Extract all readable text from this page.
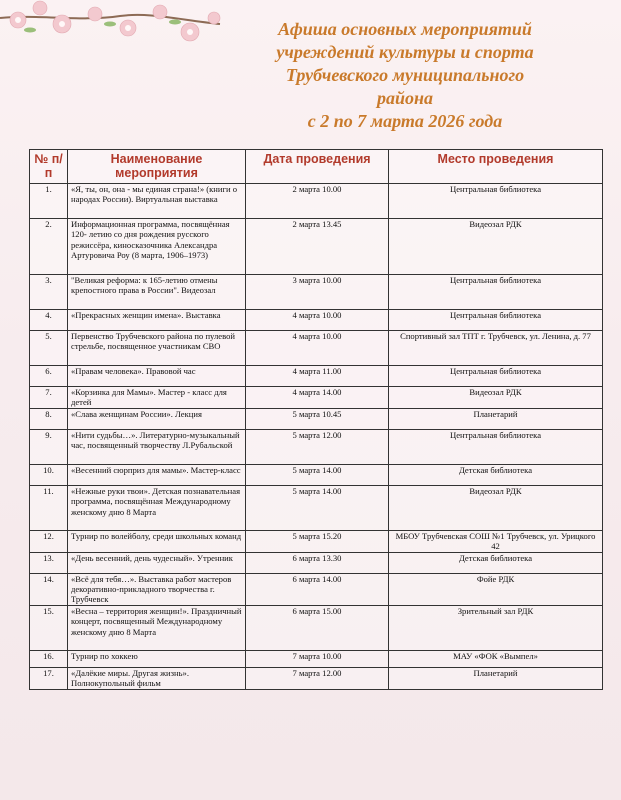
Афиша основных мероприятий
учреждений культуры и спорта
Трубчевского муниципального
района
с 2 по 7 марта 2026 года
№ п/п	Наименование мероприятия	Дата проведения	Место проведения
1.	«Я, ты, он, она - мы единая страна!» (книги о народах России). Виртуальная выставка	2 марта 10.00	Центральная библиотека
2.	Информационная программа, посвящённая 120- летию со дня рождения русского режиссёра, киносказочника Александра Артуровича Роу (8 марта, 1906–1973)	2 марта 13.45	Видеозал РДК
3.	"Великая реформа: к 165-летию отмены крепостного права в России". Видеозал	3 марта 10.00	Центральная библиотека
4.	«Прекрасных женщин имена». Выставка	4 марта 10.00	Центральная библиотека
5.	Первенство Трубчевского района по пулевой стрельбе, посвященное участникам СВО	4 марта 10.00	Спортивный зал ТПТ г. Трубчевск, ул. Ленина, д. 77
6.	«Правам человека». Правовой час	4 марта 11.00	Центральная библиотека
7.	«Корзинка для Мамы». Мастер - класс для детей	4 марта 14.00	Видеозал РДК
8.	«Слава женщинам России». Лекция	5 марта 10.45	Планетарий
9.	«Нити судьбы…». Литературно-музыкальный час, посвященный творчеству Л.Рубальской	5 марта 12.00	Центральная библиотека
10.	«Весенний сюрприз для мамы». Мастер-класс	5 марта 14.00	Детская библиотека
11.	«Нежные руки твои». Детская познавательная программа, посвящённая Международному женскому дню 8 Марта	5 марта 14.00	Видеозал РДК
12.	Турнир по волейболу, среди школьных команд	5 марта 15.20	МБОУ Трубчевская СОШ №1 Трубчевск, ул. Урицкого 42
13.	«День весенний, день чудесный». Утренник	6 марта 13.30	Детская библиотека
14.	«Всё для тебя…». Выставка работ мастеров декоративно-прикладного творчества г. Трубчевск	6 марта 14.00	Фойе РДК
15.	«Весна – территория женщин!». Праздничный концерт, посвященный Международному женскому дню 8 Марта	6 марта 15.00	Зрительный зал РДК
16.	Турнир по хоккею	7 марта 10.00	МАУ «ФОК «Вымпел»
17.	«Далёкие миры. Другая жизнь». Полнокупольный фильм	7 марта 12.00	Планетарий
